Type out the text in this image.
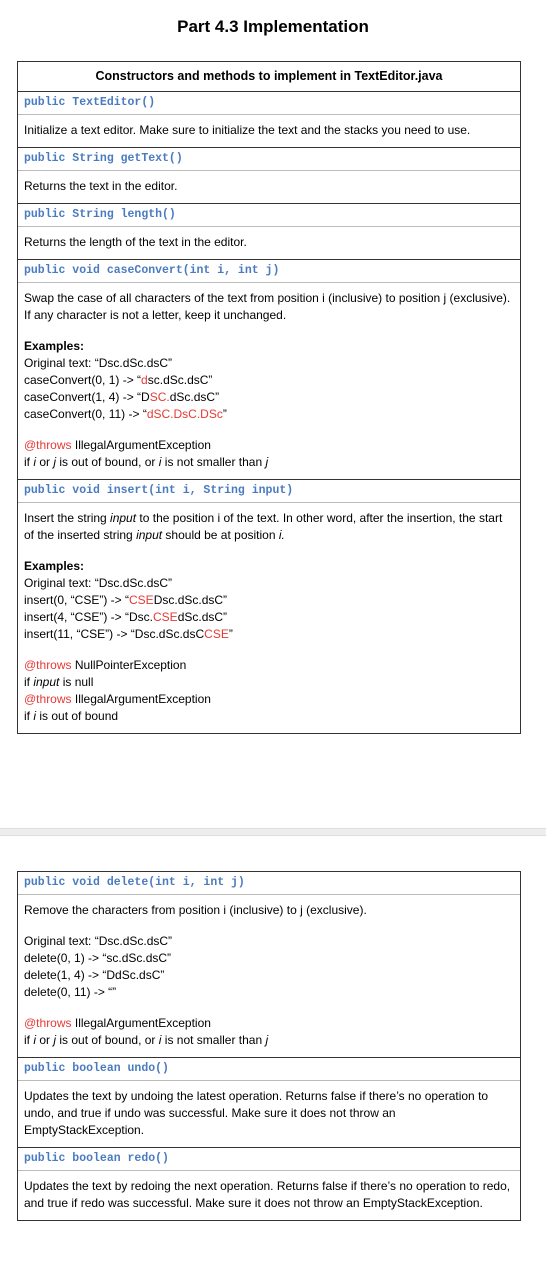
Part 4.3 Implementation
Constructors and methods to implement in TextEditor.java
public TextEditor()
Initialize a text editor. Make sure to initialize the text and the stacks you need to use.
public String getText()
Returns the text in the editor.
public String length()
Returns the length of the text in the editor.
public void caseConvert(int i, int j)
Swap the case of all characters of the text from position i (inclusive) to position j (exclusive). If any character is not a letter, keep it unchanged.
Examples:
Original text: “Dsc.dSc.dsC”
caseConvert(0, 1) -> “dsc.dSc.dsC”
caseConvert(1, 4) -> “DSC.dSc.dsC”
caseConvert(0, 11) -> “dSC.DsC.DSc”
@throws IllegalArgumentException
if i or j is out of bound, or i is not smaller than j
public void insert(int i, String input)
Insert the string input to the position i of the text. In other word, after the insertion, the start of the inserted string input should be at position i.
Examples:
Original text: “Dsc.dSc.dsC”
insert(0, “CSE”) -> “CSEDsc.dSc.dsC”
insert(4, “CSE”) -> “Dsc.CSEdSc.dsC”
insert(11, “CSE”) -> “Dsc.dSc.dsCCSE”
@throws NullPointerException
if input is null
@throws IllegalArgumentException
if i is out of bound
public void delete(int i, int j)
Remove the characters from position i (inclusive) to j (exclusive).
Original text: “Dsc.dSc.dsC”
delete(0, 1) -> “sc.dSc.dsC”
delete(1, 4) -> “DdSc.dsC”
delete(0, 11) -> “”
@throws IllegalArgumentException
if i or j is out of bound, or i is not smaller than j
public boolean undo()
Updates the text by undoing the latest operation. Returns false if there’s no operation to undo, and true if undo was successful. Make sure it does not throw an EmptyStackException.
public boolean redo()
Updates the text by redoing the next operation. Returns false if there’s no operation to redo, and true if redo was successful. Make sure it does not throw an EmptyStackException.
